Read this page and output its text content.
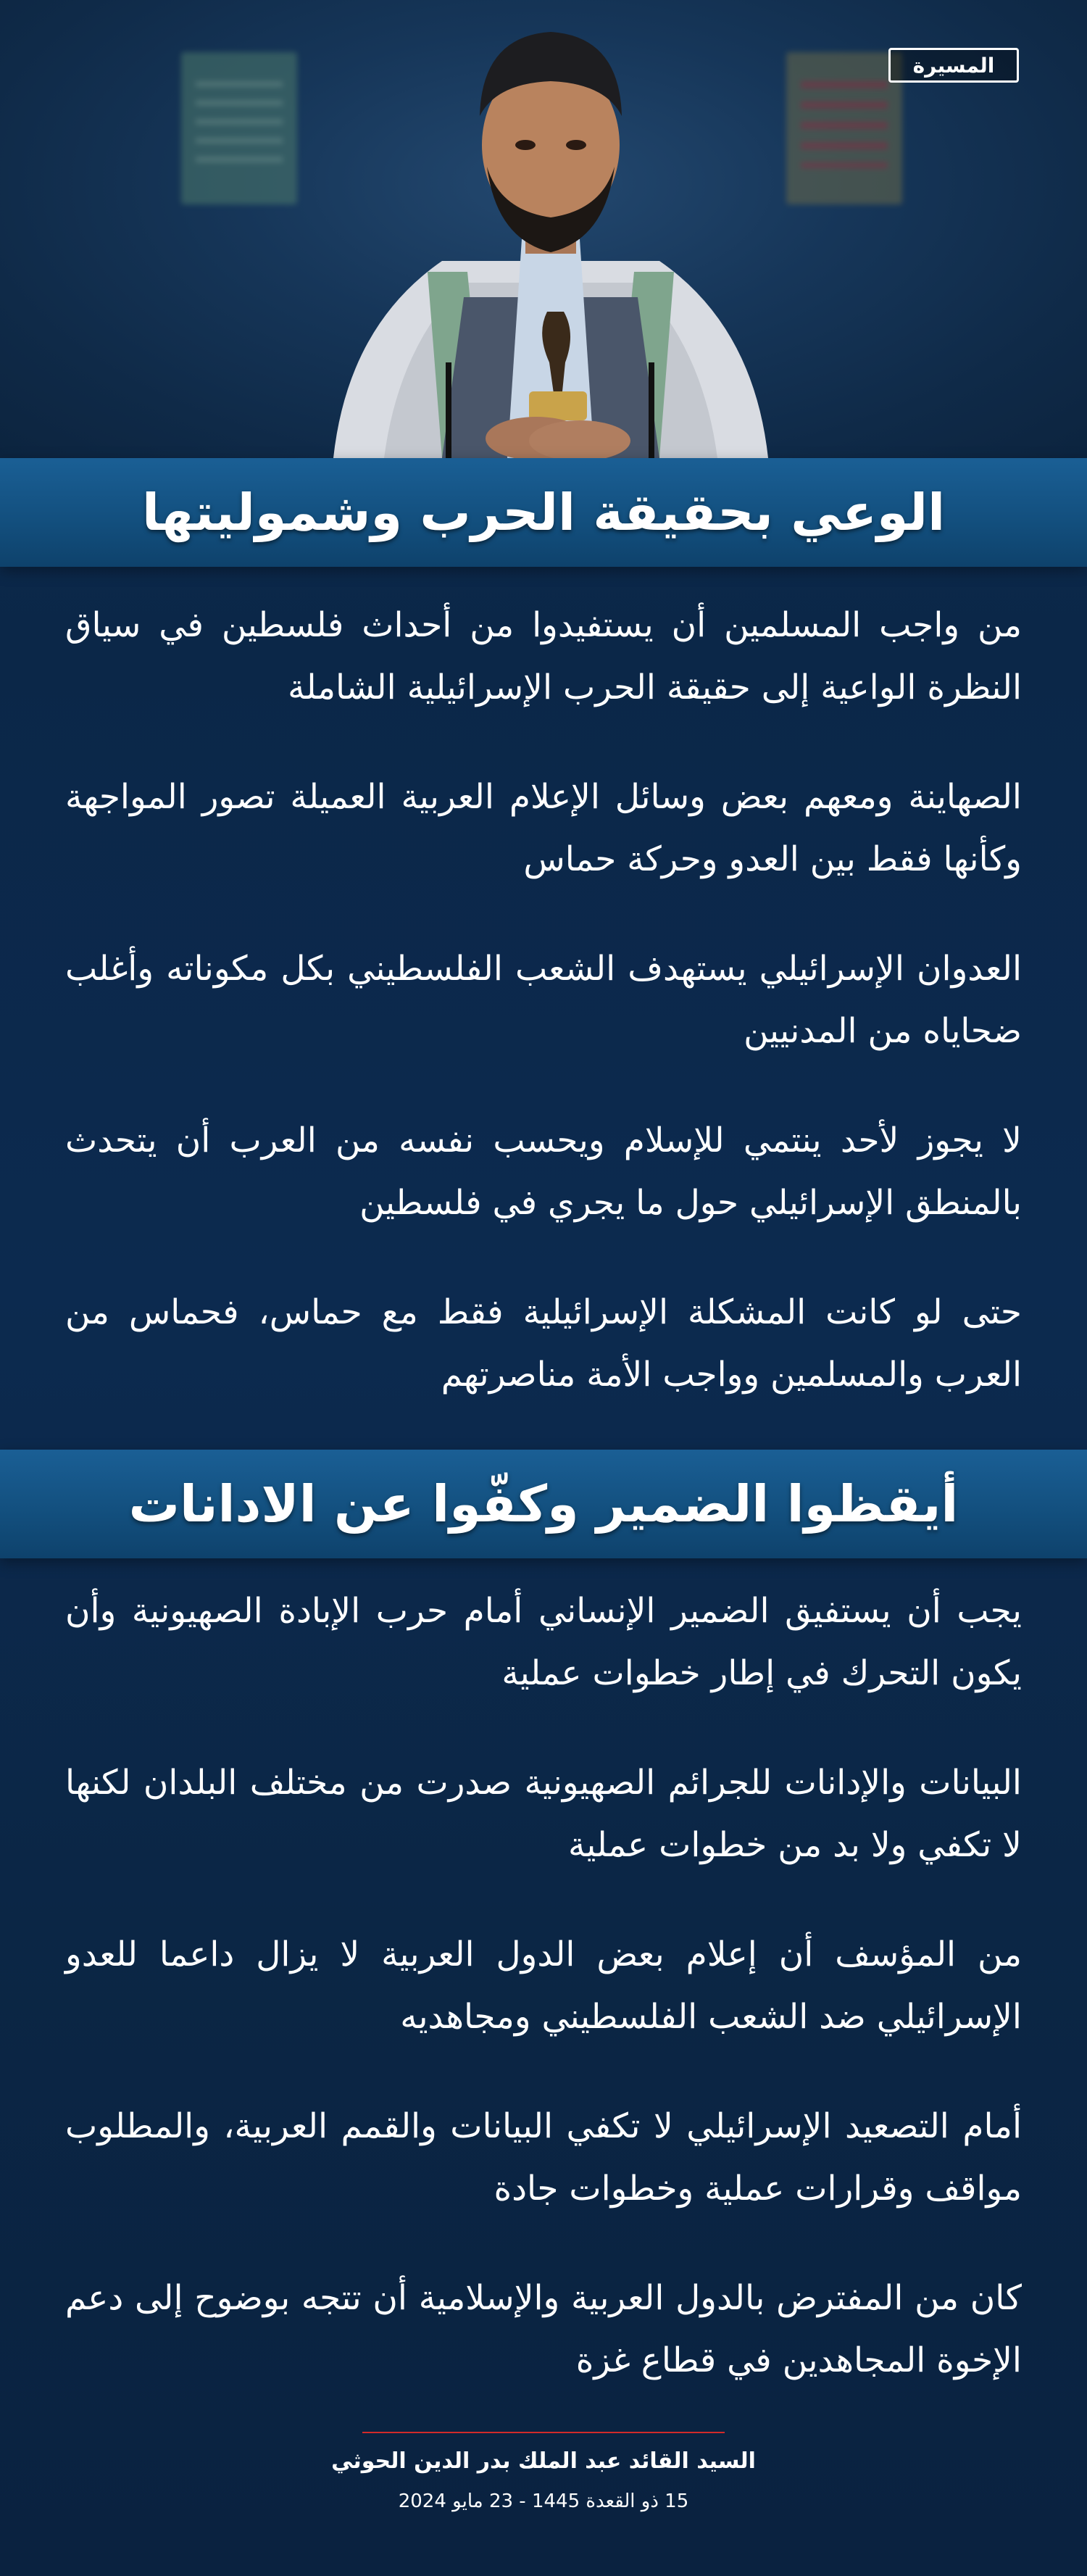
المسيرة
الوعي بحقيقة الحرب وشموليتها

من واجب المسلمين أن يستفيدوا من أحداث فلسطين في سياق النظرة الواعية إلى حقيقة الحرب الإسرائيلية الشاملة

الصهاينة ومعهم بعض وسائل الإعلام العربية العميلة تصور المواجهة وكأنها فقط بين العدو وحركة حماس

العدوان الإسرائيلي يستهدف الشعب الفلسطيني بكل مكوناته وأغلب ضحاياه من المدنيين

لا يجوز لأحد ينتمي للإسلام ويحسب نفسه من العرب أن يتحدث بالمنطق الإسرائيلي حول ما يجري في فلسطين

حتى لو كانت المشكلة الإسرائيلية فقط مع حماس، فحماس من العرب والمسلمين وواجب الأمة مناصرتهم

أيقظوا الضمير وكفّوا عن الادانات

يجب أن يستفيق الضمير الإنساني أمام حرب الإبادة الصهيونية وأن يكون التحرك في إطار خطوات عملية

البيانات والإدانات للجرائم الصهيونية صدرت من مختلف البلدان لكنها لا تكفي ولا بد من خطوات عملية

من المؤسف أن إعلام بعض الدول العربية لا يزال داعما للعدو الإسرائيلي ضد الشعب الفلسطيني ومجاهديه

أمام التصعيد الإسرائيلي لا تكفي البيانات والقمم العربية، والمطلوب مواقف وقرارات عملية وخطوات جادة

كان من المفترض بالدول العربية والإسلامية أن تتجه بوضوح إلى دعم الإخوة المجاهدين في قطاع غزة

السيد القائد عبد الملك بدر الدين الحوثي
15 ذو القعدة 1445 - 23 مايو 2024
